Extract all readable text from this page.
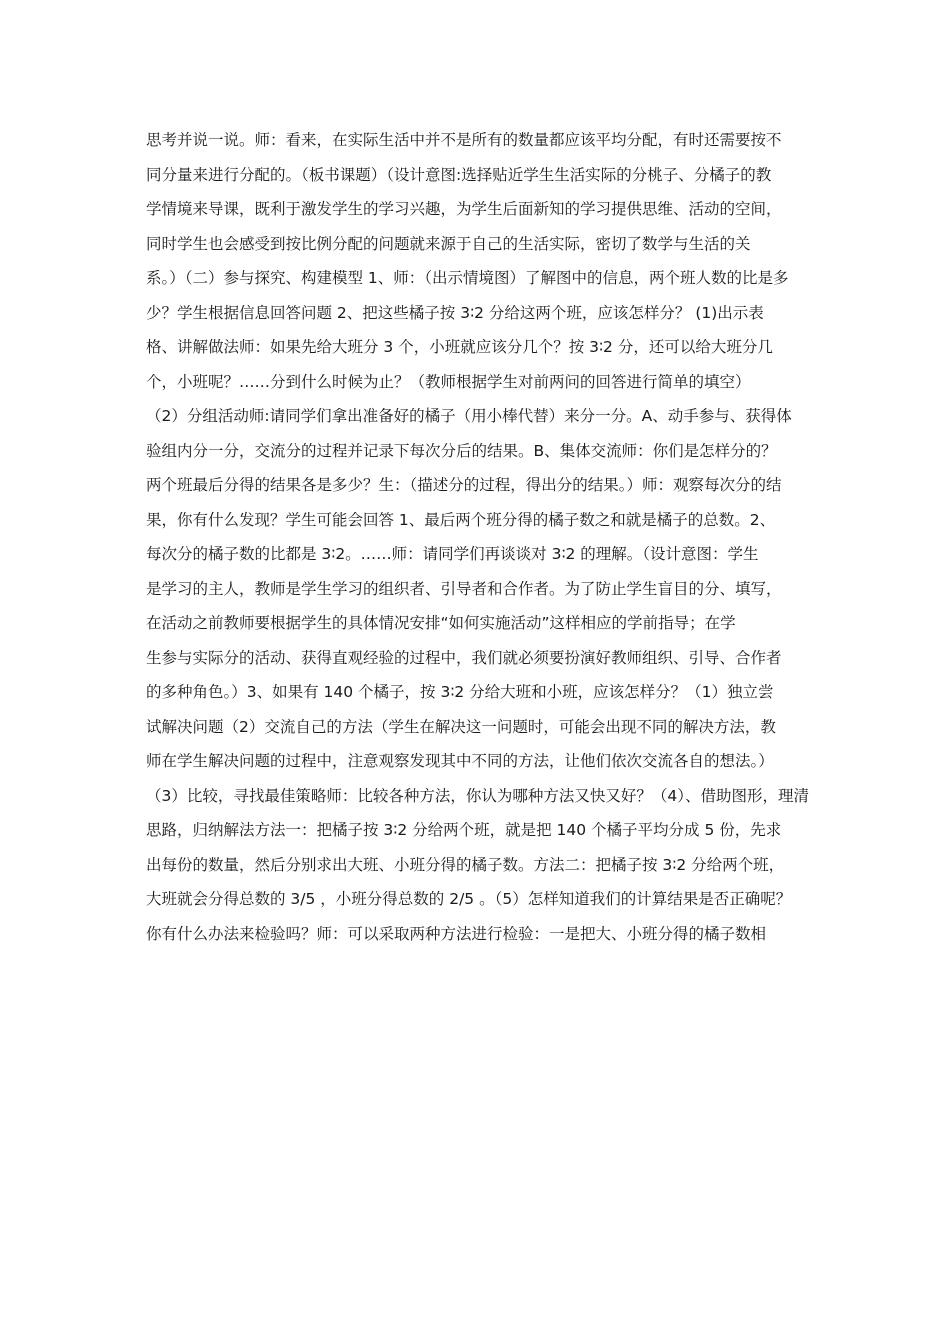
思考并说一说。师：看来，在实际生活中并不是所有的数量都应该平均分配，有时还需要按不
同分量来进行分配的。（板书课题）（设计意图:选择贴近学生生活实际的分桃子、分橘子的教
学情境来导课，既利于激发学生的学习兴趣，为学生后面新知的学习提供思维、活动的空间，
同时学生也会感受到按比例分配的问题就来源于自己的生活实际，密切了数学与生活的关
系。）（二）参与探究、构建模型 1、师：（出示情境图）了解图中的信息，两个班人数的比是多
少？学生根据信息回答问题 2、把这些橘子按 3∶2 分给这两个班，应该怎样分？ (1)出示表
格、讲解做法师：如果先给大班分 3 个，小班就应该分几个？按 3∶2 分，还可以给大班分几
个，小班呢？……分到什么时候为止？（教师根据学生对前两问的回答进行简单的填空）
（2）分组活动师:请同学们拿出准备好的橘子（用小棒代替）来分一分。A、动手参与、获得体
验组内分一分，交流分的过程并记录下每次分后的结果。B、集体交流师：你们是怎样分的？
两个班最后分得的结果各是多少？生：（描述分的过程，得出分的结果。）师：观察每次分的结
果，你有什么发现？学生可能会回答 1、最后两个班分得的橘子数之和就是橘子的总数。2、
每次分的橘子数的比都是 3∶2。……师：请同学们再谈谈对 3∶2 的理解。（设计意图：学生
是学习的主人，教师是学生学习的组织者、引导者和合作者。为了防止学生盲目的分、填写，
在活动之前教师要根据学生的具体情况安排“如何实施活动”这样相应的学前指导；在学
生参与实际分的活动、获得直观经验的过程中，我们就必须要扮演好教师组织、引导、合作者
的多种角色。）3、如果有 140 个橘子，按 3∶2 分给大班和小班，应该怎样分？（1）独立尝
试解决问题（2）交流自己的方法（学生在解决这一问题时，可能会出现不同的解决方法，教
师在学生解决问题的过程中，注意观察发现其中不同的方法，让他们依次交流各自的想法。）
（3）比较，寻找最佳策略师：比较各种方法，你认为哪种方法又快又好？（4）、借助图形，理清
思路，归纳解法方法一：把橘子按 3∶2 分给两个班，就是把 140 个橘子平均分成 5 份，先求
出每份的数量，然后分别求出大班、小班分得的橘子数。方法二：把橘子按 3∶2 分给两个班，
大班就会分得总数的 3/5 ，小班分得总数的 2/5 。（5）怎样知道我们的计算结果是否正确呢？
你有什么办法来检验吗？师：可以采取两种方法进行检验：一是把大、小班分得的橘子数相
